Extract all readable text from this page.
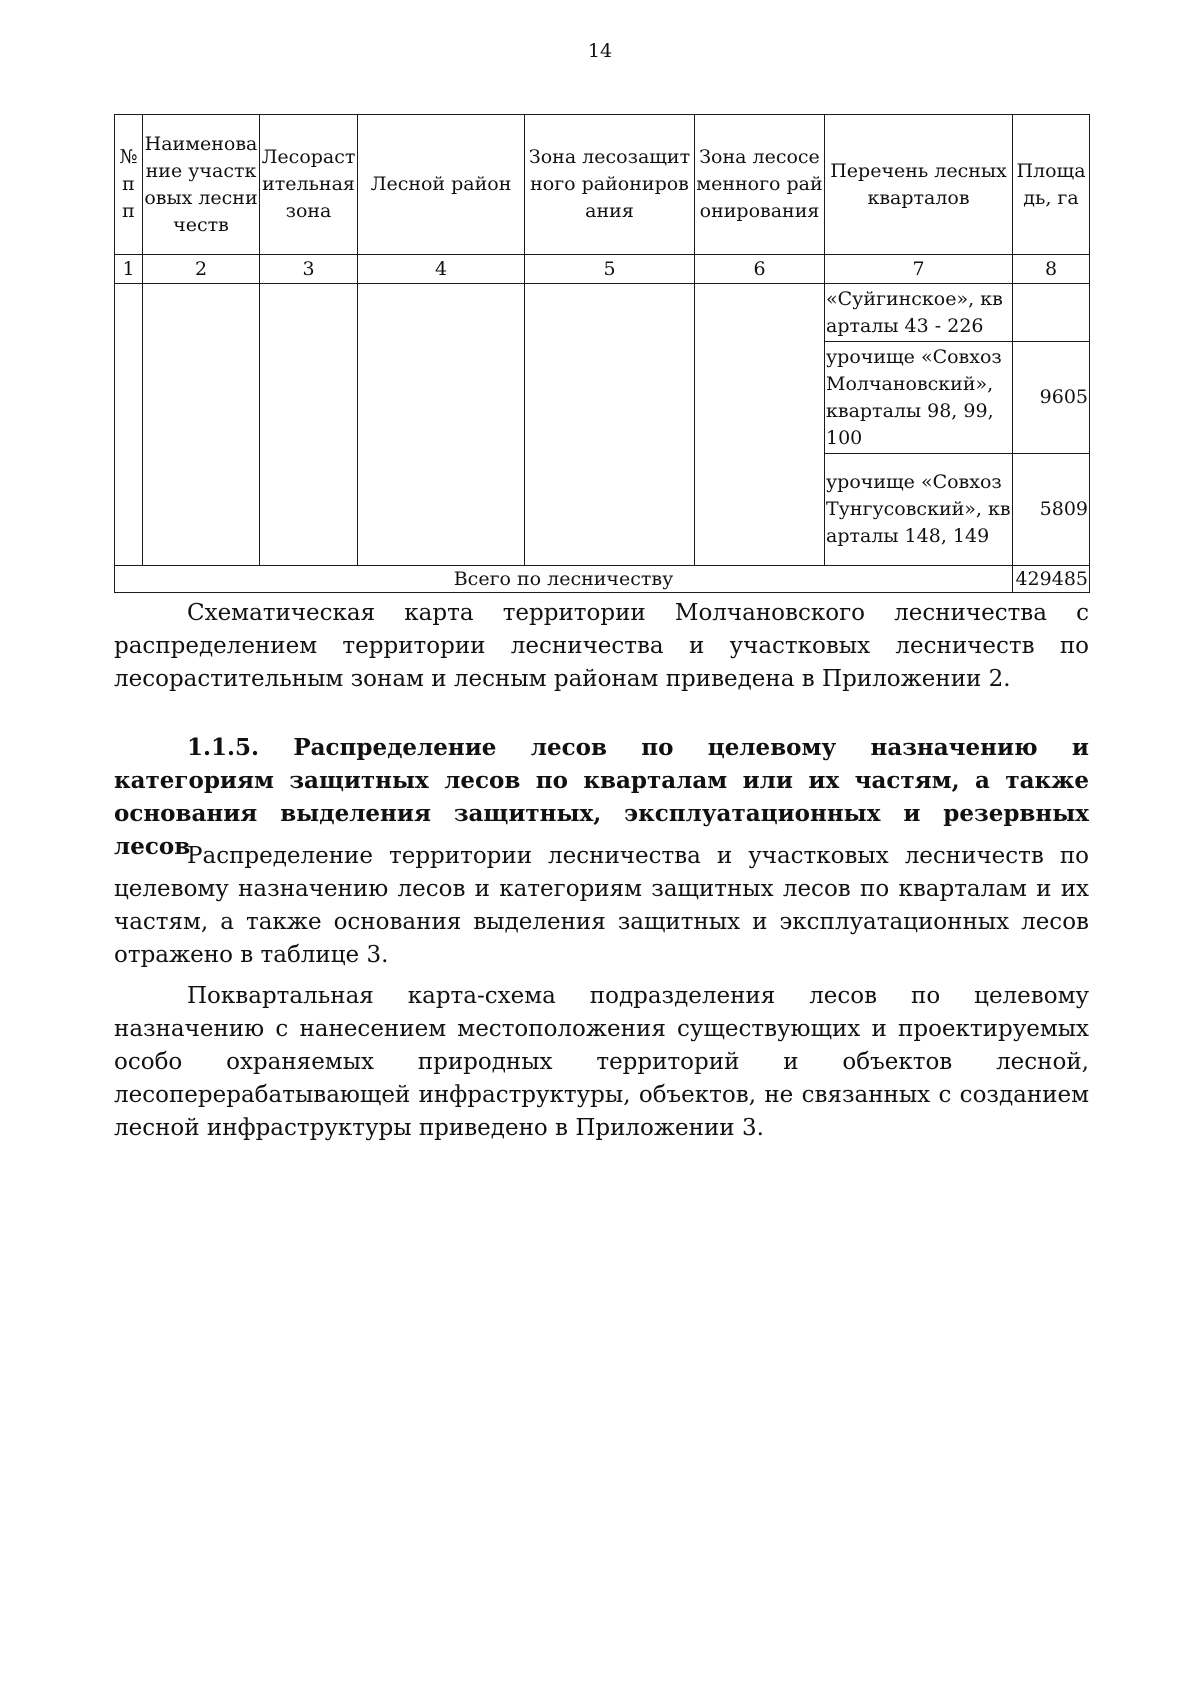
14
№ пп	Наименование участковых лесничеств	Лесорастительная зона	Лесной район	Зона лесозащитного районирования	Зона лесосеменного районирования	Перечень лесных кварталов	Площадь, га
1	2	3	4	5	6	7	8
						«Суйгинское», кварталы 43 - 226	
						урочище «Совхоз Молчановский», кварталы 98, 99, 100	9605
						урочище «Совхоз Тунгусовский», кварталы 148, 149	5809
Всего по лесничеству							429485

Схематическая карта территории Молчановского лесничества с распределением территории лесничества и участковых лесничеств по лесорастительным зонам и лесным районам приведена в Приложении 2.

1.1.5. Распределение лесов по целевому назначению и категориям защитных лесов по кварталам или их частям, а также основания выделения защитных, эксплуатационных и резервных лесов

Распределение территории лесничества и участковых лесничеств по целевому назначению лесов и категориям защитных лесов по кварталам и их частям, а также основания выделения защитных и эксплуатационных лесов отражено в таблице 3.

Поквартальная карта-схема подразделения лесов по целевому назначению с нанесением местоположения существующих и проектируемых особо охраняемых природных территорий и объектов лесной, лесоперерабатывающей инфраструктуры, объектов, не связанных с созданием лесной инфраструктуры приведено в Приложении 3.
